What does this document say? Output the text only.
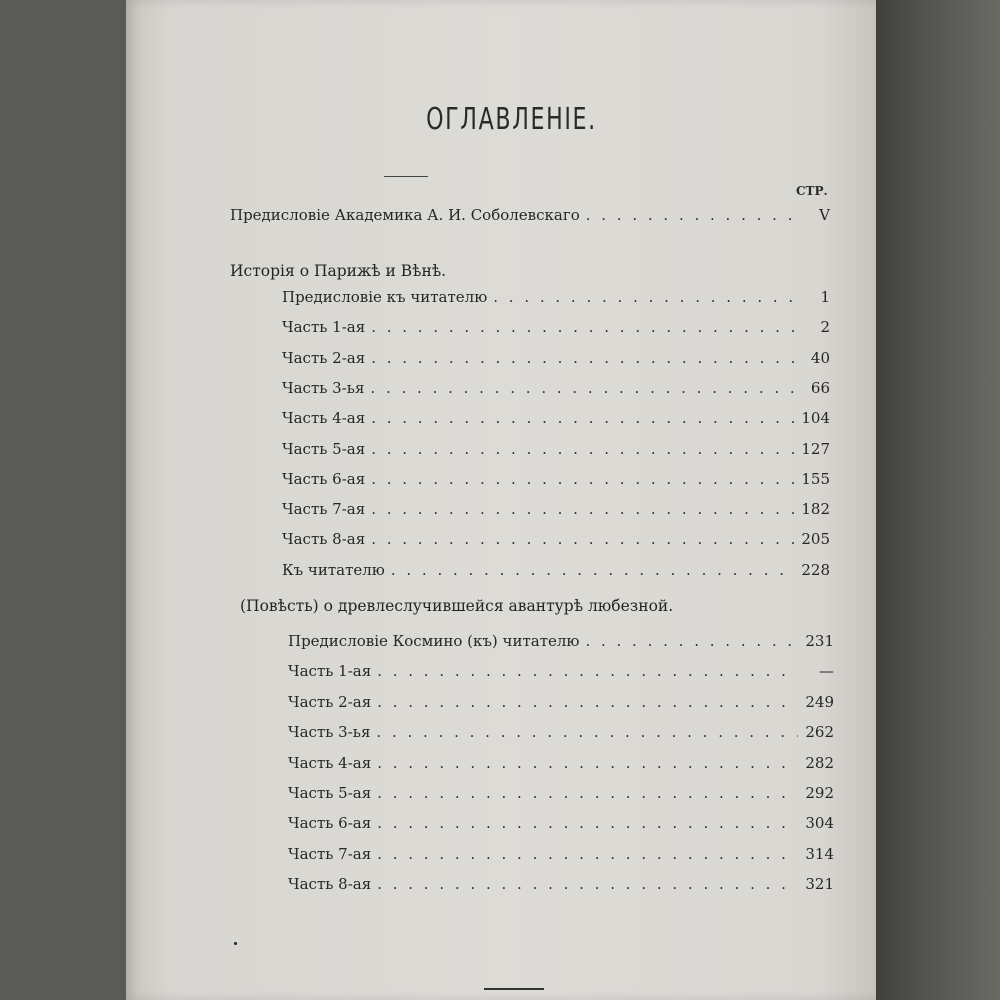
ОГЛАВЛЕНІЕ.
СТР.
Предисловіе Академика А. И. Соболевскаго . . .	V
Исторія о Парижѣ и Вѣнѣ.
Предисловіе къ читателю . . .	1
Часть 1-ая . . .	2
Часть 2-ая . . .	40
Часть 3-ья . . .	66
Часть 4-ая . . .	104
Часть 5-ая . . .	127
Часть 6-ая . . .	155
Часть 7-ая . . .	182
Часть 8-ая . . .	205
Къ читателю . . .	228
(Повѣсть) о древлеслучившейся авантурѣ любезной.
Предисловіе Космино (къ) читателю . . .	231
Часть 1-ая . . .	—
Часть 2-ая . . .	249
Часть 3-ья . . .	262
Часть 4-ая . . .	282
Часть 5-ая . . .	292
Часть 6-ая . . .	304
Часть 7-ая . . .	314
Часть 8-ая . . .	321
